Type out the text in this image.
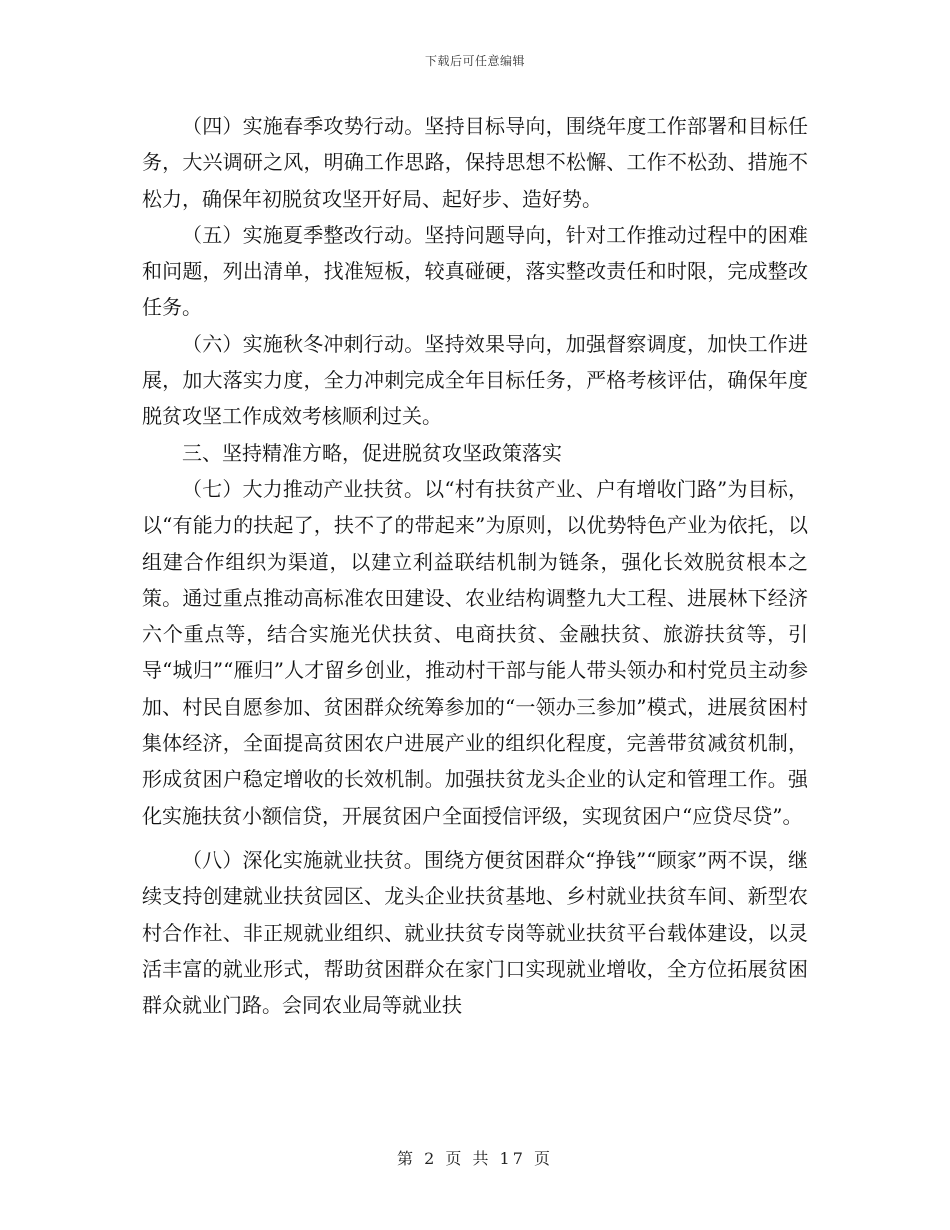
下载后可任意编辑

（四）实施春季攻势行动。坚持目标导向，围绕年度工作部署和目标任务，大兴调研之风，明确工作思路，保持思想不松懈、工作不松劲、措施不松力，确保年初脱贫攻坚开好局、起好步、造好势。

（五）实施夏季整改行动。坚持问题导向，针对工作推动过程中的困难和问题，列出清单，找准短板，较真碰硬，落实整改责任和时限，完成整改任务。

（六）实施秋冬冲刺行动。坚持效果导向，加强督察调度，加快工作进展，加大落实力度，全力冲刺完成全年目标任务，严格考核评估，确保年度脱贫攻坚工作成效考核顺利过关。

三、坚持精准方略，促进脱贫攻坚政策落实

（七）大力推动产业扶贫。以“村有扶贫产业、户有增收门路”为目标，以“有能力的扶起了，扶不了的带起来”为原则，以优势特色产业为依托，以组建合作组织为渠道，以建立利益联结机制为链条，强化长效脱贫根本之策。通过重点推动高标准农田建设、农业结构调整九大工程、进展林下经济六个重点等，结合实施光伏扶贫、电商扶贫、金融扶贫、旅游扶贫等，引导“城归”“雁归”人才留乡创业，推动村干部与能人带头领办和村党员主动参加、村民自愿参加、贫困群众统筹参加的“一领办三参加”模式，进展贫困村集体经济，全面提高贫困农户进展产业的组织化程度，完善带贫减贫机制，形成贫困户稳定增收的长效机制。加强扶贫龙头企业的认定和管理工作。强化实施扶贫小额信贷，开展贫困户全面授信评级，实现贫困户“应贷尽贷”。

（八）深化实施就业扶贫。围绕方便贫困群众“挣钱”“顾家”两不误，继续支持创建就业扶贫园区、龙头企业扶贫基地、乡村就业扶贫车间、新型农村合作社、非正规就业组织、就业扶贫专岗等就业扶贫平台载体建设，以灵活丰富的就业形式，帮助贫困群众在家门口实现就业增收，全方位拓展贫困群众就业门路。会同农业局等就业扶

第 2 页 共 17 页
